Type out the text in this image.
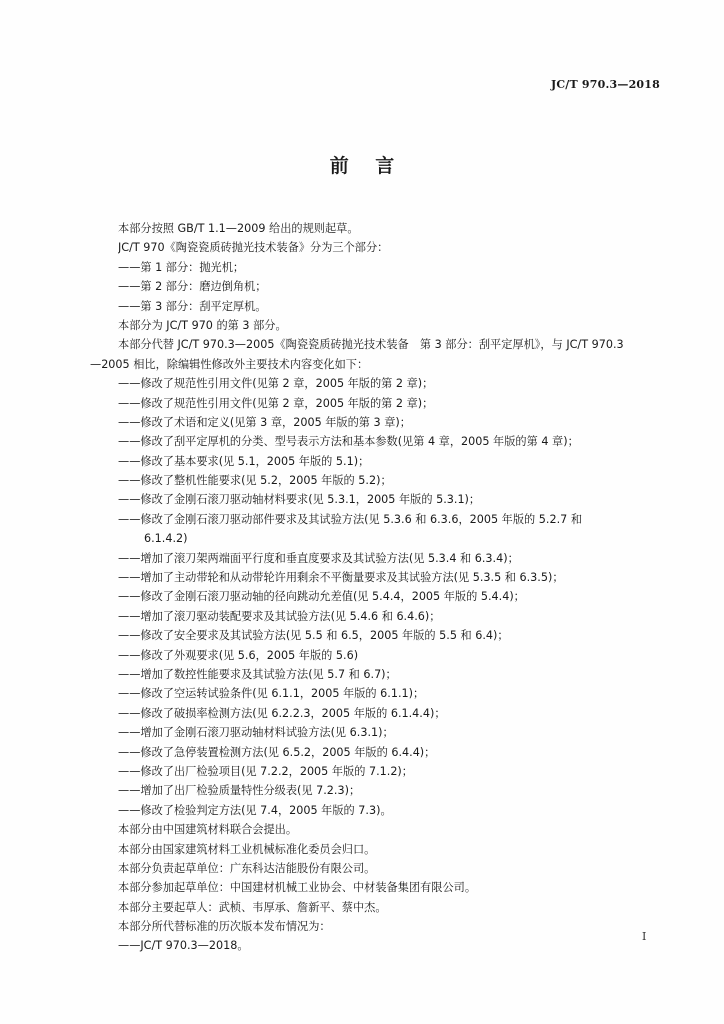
JC/T 970.3—2018
前    言
本部分按照 GB/T 1.1—2009 给出的规则起草。
JC/T 970《陶瓷瓷质砖抛光技术装备》分为三个部分：
——第 1 部分：抛光机；
——第 2 部分：磨边倒角机；
——第 3 部分：刮平定厚机。
本部分为 JC/T 970 的第 3 部分。
本部分代替 JC/T 970.3—2005《陶瓷瓷质砖抛光技术装备　第 3 部分：刮平定厚机》，与 JC/T 970.3
—2005 相比，除编辑性修改外主要技术内容变化如下：
——修改了规范性引用文件(见第 2 章，2005 年版的第 2 章)；
——修改了规范性引用文件(见第 2 章，2005 年版的第 2 章)；
——修改了术语和定义(见第 3 章，2005 年版的第 3 章)；
——修改了刮平定厚机的分类、型号表示方法和基本参数(见第 4 章，2005 年版的第 4 章)；
——修改了基本要求(见 5.1，2005 年版的 5.1)；
——修改了整机性能要求(见 5.2，2005 年版的 5.2)；
——修改了金刚石滚刀驱动轴材料要求(见 5.3.1，2005 年版的 5.3.1)；
——修改了金刚石滚刀驱动部件要求及其试验方法(见 5.3.6 和 6.3.6，2005 年版的 5.2.7 和
6.1.4.2)
——增加了滚刀架两端面平行度和垂直度要求及其试验方法(见 5.3.4 和 6.3.4)；
——增加了主动带轮和从动带轮许用剩余不平衡量要求及其试验方法(见 5.3.5 和 6.3.5)；
——修改了金刚石滚刀驱动轴的径向跳动允差值(见 5.4.4，2005 年版的 5.4.4)；
——增加了滚刀驱动装配要求及其试验方法(见 5.4.6 和 6.4.6)；
——修改了安全要求及其试验方法(见 5.5 和 6.5，2005 年版的 5.5 和 6.4)；
——修改了外观要求(见 5.6，2005 年版的 5.6)
——增加了数控性能要求及其试验方法(见 5.7 和 6.7)；
——修改了空运转试验条件(见 6.1.1，2005 年版的 6.1.1)；
——修改了破损率检测方法(见 6.2.2.3，2005 年版的 6.1.4.4)；
——增加了金刚石滚刀驱动轴材料试验方法(见 6.3.1)；
——修改了急停装置检测方法(见 6.5.2，2005 年版的 6.4.4)；
——修改了出厂检验项目(见 7.2.2，2005 年版的 7.1.2)；
——增加了出厂检验质量特性分级表(见 7.2.3)；
——修改了检验判定方法(见 7.4，2005 年版的 7.3)。
本部分由中国建筑材料联合会提出。
本部分由国家建筑材料工业机械标准化委员会归口。
本部分负责起草单位：广东科达洁能股份有限公司。
本部分参加起草单位：中国建材机械工业协会、中材装备集团有限公司。
本部分主要起草人：武桢、韦厚承、詹新平、蔡中杰。
本部分所代替标准的历次版本发布情况为：
——JC/T 970.3—2018。
I
